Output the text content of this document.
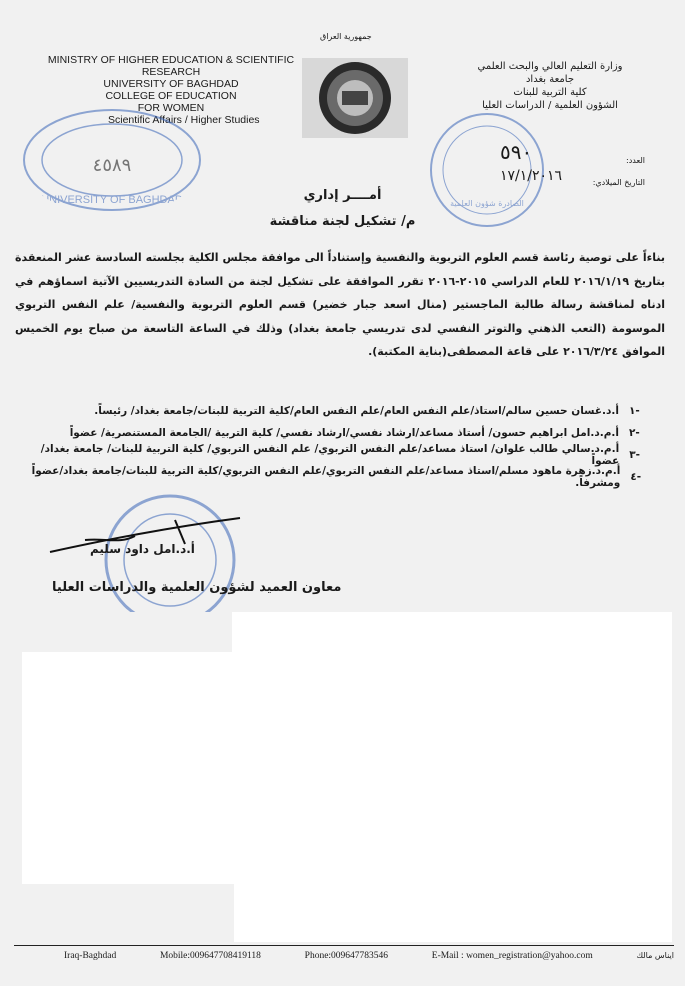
جمهورية العراق
MINISTRY OF HIGHER EDUCATION & SCIENTIFIC RESEARCH
UNIVERSITY OF BAGHDAD
COLLEGE OF EDUCATION
FOR WOMEN
Scientific Affairs / Higher Studies
وزارة التعليم العالي والبحث العلمي
جامعة بغداد
كلية التربية للبنات
الشؤون العلمية / الدراسات العليا
العدد:
التاريخ الميلادي:
UNIVERSITY OF BAGHDAD
٤٥٨٩
الصادرة شؤون العلمية
٥٩٠
١٧/١/٢٠١٦
أمــــر إداري
م/ تشكيل لجنة مناقشة
بناءاً على توصية رئاسة قسم العلوم التربوية والنفسية وإستناداً الى موافقة مجلس الكلية بجلسته السادسة عشر المنعقدة بتاريخ ٢٠١٦/١/١٩ للعام الدراسي ٢٠١٥-٢٠١٦ تقرر الموافقة على تشكيل لجنة من السادة التدريسيين الآتية اسماؤهم في ادناه لمناقشة رسالة طالبة الماجستير (منال اسعد جبار خضير) قسم العلوم التربوية والنفسية/ علم النفس التربوي الموسومة (التعب الذهني والتوتر النفسي لدى تدريسي جامعة بغداد) وذلك في الساعة التاسعة من صباح يوم الخميس الموافق ٢٠١٦/٣/٢٤ على قاعة المصطفى(بناية المكتبة).
-١
أ.د.غسان حسين سالم/استاذ/علم النفس العام/علم النفس العام/كلية التربية للبنات/جامعة بغداد/ رئيساً.
-٢
أ.م.د.امل ابراهيم حسون/ أستاذ مساعد/ارشاد نفسي/ارشاد نفسي/ كلية التربية /الجامعة المستنصرية/ عضواً
-٣
أ.م.د.سالي طالب علوان/ استاذ مساعد/علم النفس التربوي/ علم النفس التربوي/ كلية التربية للبنات/ جامعة بغداد/ عضواً
-٤
أ.م.د.زهرة ماهود مسلم/استاذ مساعد/علم النفس التربوي/علم النفس التربوي/كلية التربية للبنات/جامعة بغداد/عضواً ومشرفاً.
أ.د.امل داود سليم
معاون العميد لشؤون العلمية والدراسات العليا
Iraq-Baghdad	Mobile:009647708419118	Phone:009647783546	E-Mail : women_registration@yahoo.com	ايناس مالك
